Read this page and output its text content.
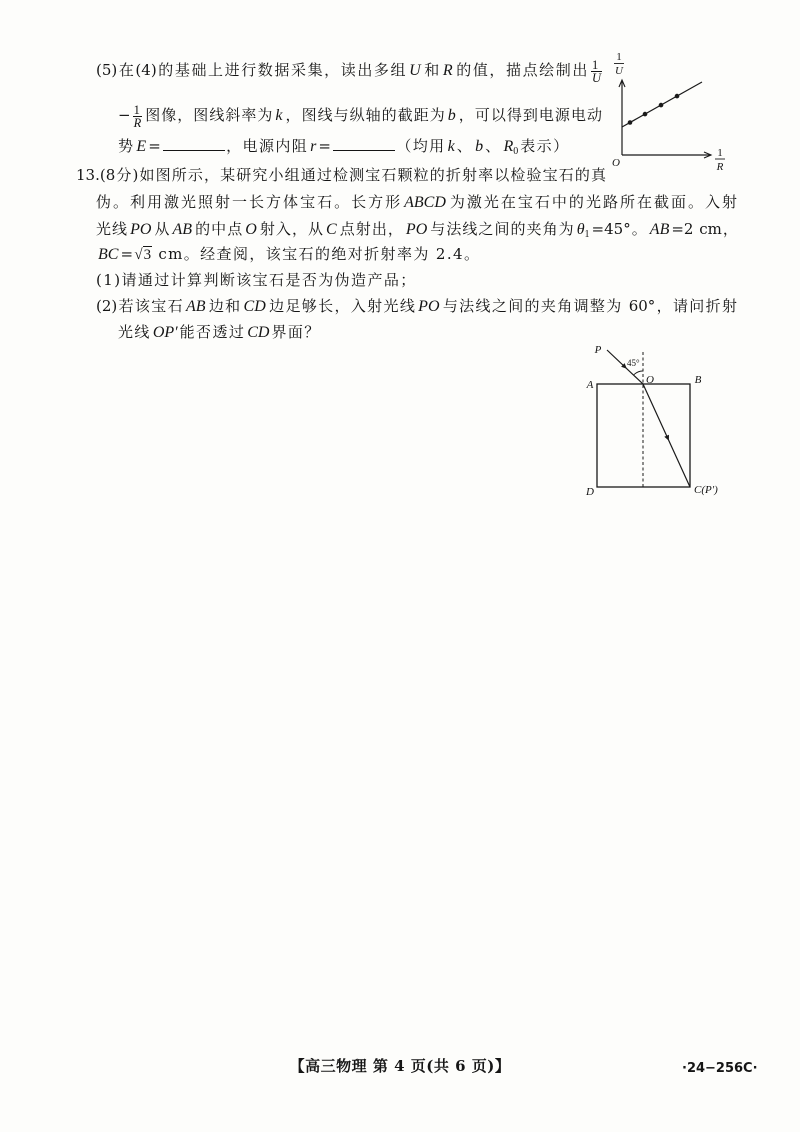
(5)在(4)的基础上进行数据采集，读出多组 U 和 R 的值，描点绘制出 $\frac{1}{U}$
− $\frac{1}{R}$ 图像，图线斜率为 k ，图线与纵轴的截距为 b ，可以得到电源电动
势 E =	，电源内阻 r =	（均用 k 、 b 、 $R_0$ 表示）
1
U
O
1
R
13.(8分)如图所示，某研究小组通过检测宝石颗粒的折射率以检验宝石的真
伪。利用激光照射一长方体宝石。长方形 ABCD 为激光在宝石中的光路所在截面。入射
光线 PO 从 AB 的中点 O 射入，从 C 点射出， PO 与法线之间的夹角为 $\theta_1 =45^\circ$。 AB =2 cm，
BC =√3 cm。经查阅，该宝石的绝对折射率为 2.4。
(1)请通过计算判断该宝石是否为伪造产品；
(2)若该宝石 AB 边和 CD 边足够长，入射光线 PO 与法线之间的夹角调整为 60°，请问折射
光线 OP′ 能否透过 CD 界面？
45°
P
A	O	B
D	C(P′)
【高三物理 第 4 页(共 6 页)】	·24−256C·
